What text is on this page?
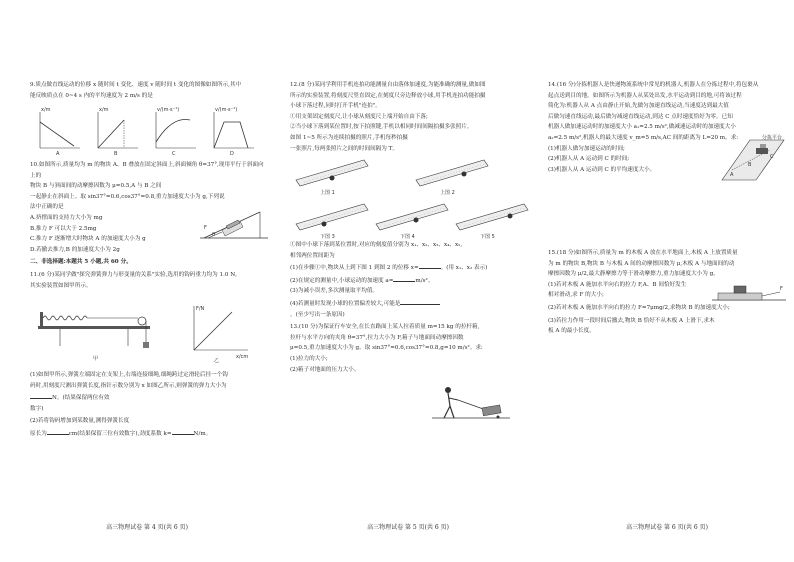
9.质点做直线运动的位移 x 随时间 t 变化、速度 v 随时间 t 变化的图像如图所示,其中

能反映质点在 0~4 s 内的平均速度为 2 m/s 的是

x/m
A
x/m
B
v/(m·s⁻¹)
C
v/(m·s⁻¹)
D

10.如图所示,质量均为 m 的物块 A、B 叠放在固定斜面上,斜面倾角 θ=37°,现用平行于斜面向上的

物块 B 与斜面间的动摩擦因数为 μ=0.5,A 与 B 之间

一起静止在斜面上。取 sin37°=0.6,cos37°=0.8,重力加速度大小为 g,下列说

法中正确的是

A.挤撑面的支持力大小为 mg

B.推力 F 可以大于 2.5mg

C.推力 F 逐渐增大时物块 A 的加速度大小为 g

D.若撤去推力,B 的加速度大小为 2g

二、非选择题:本题共 5 小题,共 60 分。

11.(6 分)某同学做"探究弹簧弹力与形变量的关系"实验,选用的钩码重力均为 1.0 N。

其实验装置如图甲所示。

F
θ
甲
F/N
x/cm
乙

(1)如图甲所示,弹簧左端固定在支架上,右端连接细绳,细绳跨过定滑轮后挂一个钩

码时,用刻度尺测出弹簧长度,指针示数分别为 x 如图乙所示,则弹簧的弹力大小为

N。(结果保留两位有效

数字)

(2)若将钩码增加到某数量,测得弹簧长度

原长为	cm(结果保留三位有效数字),劲度系数 k=	N/m。

高三物理试卷 第 4 页(共 6 页)

12.(8 分)某同学利用手机连拍功能测量自由落体加速度,为能准确的测量,做如图

所示的实验装置,将刻度尺竖直固定,在刻度尺旁边释放小球,用手机连拍功能拍摄

小球下落过程,同时打开手机"连拍"。

①用支架固定刻度尺,让小球从刻度尺上端开始自由下落;

②当小球下落到某位置时,按下拍照键,手机以相同时间间隔拍摄多张照片。

如图 1~5 所示为连续拍摄的照片,手机每秒拍摄

一张照片,每两张照片之间的时间间隔为 T。

上图 1	上图 2
下图 3	下图 4	下图 5

①图中小球下落到某位置时,对应的刻度值分别为 x₁、x₂、x₃、x₄、x₅,

相邻两位置间距为

(1)在步骤①中,物块从上到下图 1 到图 2 的位移 x=	。(用 x₁、x₂ 表示)

(2)在规定的测量中,小球运动的加速度 a=	m/s²。

(3)为减小误差,多次测量取平均值。

(4)若测量时发现小球的位置偏差较大,可能是

。(至少写出一条原因)

13.(10 分)为保证行车安全,在长直路面上某人拉着质量 m=15 kg 的拉杆箱,

拉杆与水平方向的夹角 θ=37°,拉力大小为 F,箱子与地面间动摩擦因数

μ=0.5,重力加速度大小为 g。取 sin37°=0.6,cos37°=0.8,g=10 m/s²。求:

(1)拉力的大小;

(2)箱子对地面的压力大小。

高三物理试卷 第 5 页(共 6 页)

14.(16 分)分拣机器人是快递物流系统中常见的机器人,机器人在分拣过程中,将包裹从

起点送到目的地。如图所示为机器人从某处出发,水平运动到目的地,可将该过程

简化为:机器人从 A 点由静止开始,先做匀加速直线运动,当速度达到最大值

后做匀速直线运动,最后做匀减速直线运动,到达 C 点时速度恰好为零。已知

机器人做加速运动时的加速度大小 a₁=2.5 m/s²,做减速运动时的加速度大小

a₂=2.5 m/s²,机器人的最大速度 v_m=5 m/s,AC 间的距离为 L=20 m。求:

(1)机器人做匀加速运动的时间;

(2)机器人从 A 运动到 C 的时间;

(3)机器人从 A 运动到 C 的平均速度大小。

A
B
C
分拣平台

15.(18 分)如图所示,质量为 m 的木板 A 放在水平地面上,木板 A 上放置质量

为 m 的物块 B,物块 B 与木板 A 间的动摩擦因数为 μ,木板 A 与地面间的动

摩擦因数为 μ/2,最大静摩擦力等于滑动摩擦力,重力加速度大小为 g。

(1)若对木板 A 施加水平向右的拉力 F,A、B 间恰好发生

相对滑动,求 F 的大小;

(2)若对木板 A 施加水平向右的拉力 F=7μmg/2,求物块 B 的加速度大小;

(3)若拉力作用一段时间后撤去,物块 B 恰好不从木板 A 上滑下,求木

板 A 的最小长度。

F
高三物理试卷 第 6 页(共 6 页)
